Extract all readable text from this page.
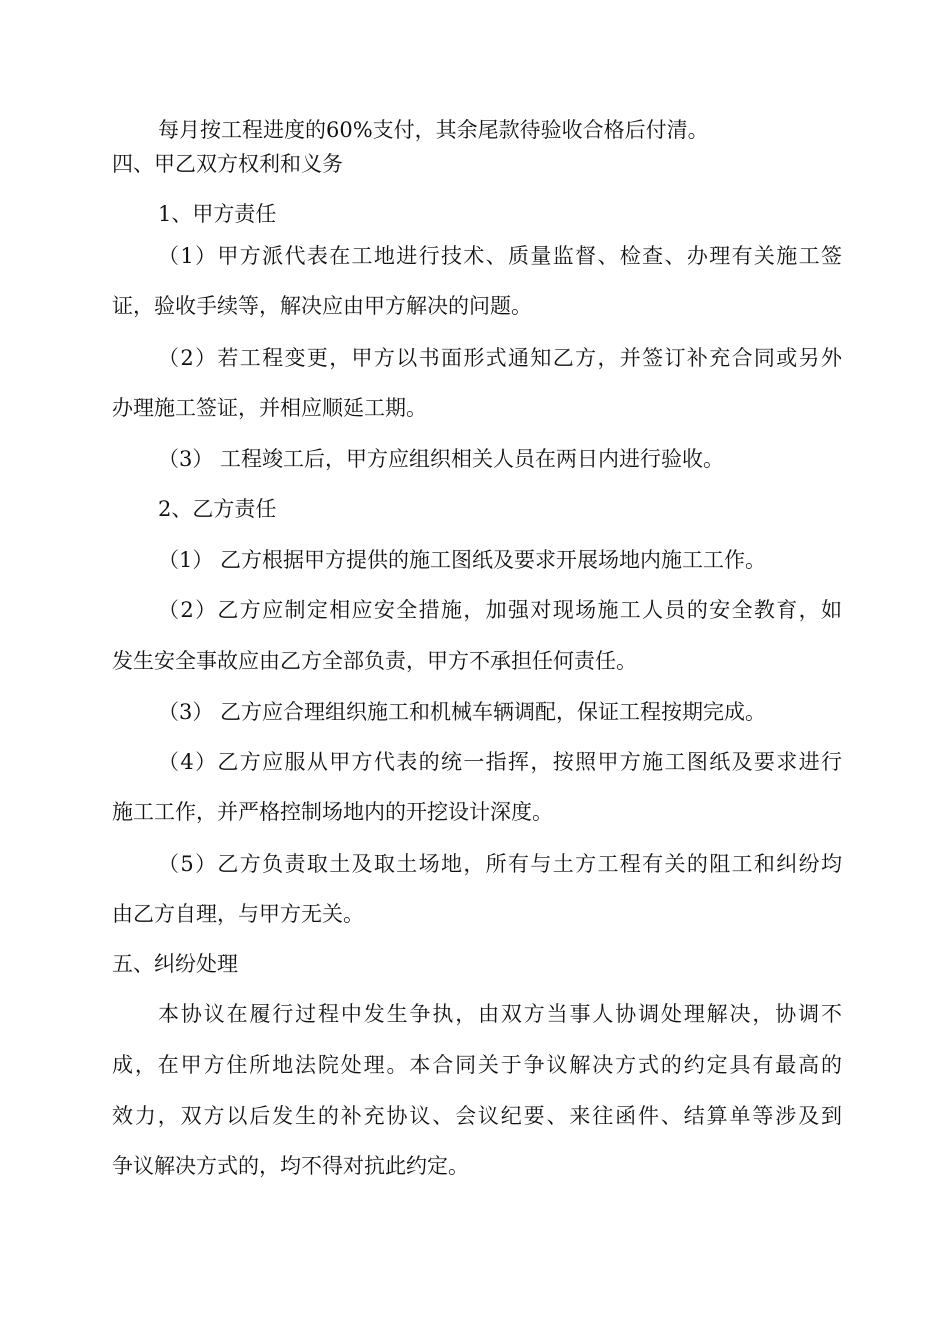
每月按工程进度的60%支付，其余尾款待验收合格后付清。
四、甲乙双方权利和义务
1、甲方责任
（1）甲方派代表在工地进行技术、质量监督、检查、办理有关施工签
证，验收手续等，解决应由甲方解决的问题。
（2）若工程变更，甲方以书面形式通知乙方，并签订补充合同或另外
办理施工签证，并相应顺延工期。
（3） 工程竣工后，甲方应组织相关人员在两日内进行验收。
2、乙方责任
（1） 乙方根据甲方提供的施工图纸及要求开展场地内施工工作。
（2）乙方应制定相应安全措施，加强对现场施工人员的安全教育，如
发生安全事故应由乙方全部负责，甲方不承担任何责任。
（3） 乙方应合理组织施工和机械车辆调配，保证工程按期完成。
（4）乙方应服从甲方代表的统一指挥，按照甲方施工图纸及要求进行
施工工作，并严格控制场地内的开挖设计深度。
（5）乙方负责取土及取土场地，所有与土方工程有关的阻工和纠纷均
由乙方自理，与甲方无关。
五、纠纷处理
本协议在履行过程中发生争执，由双方当事人协调处理解决，协调不
成，在甲方住所地法院处理。本合同关于争议解决方式的约定具有最高的
效力，双方以后发生的补充协议、会议纪要、来往函件、结算单等涉及到
争议解决方式的，均不得对抗此约定。
